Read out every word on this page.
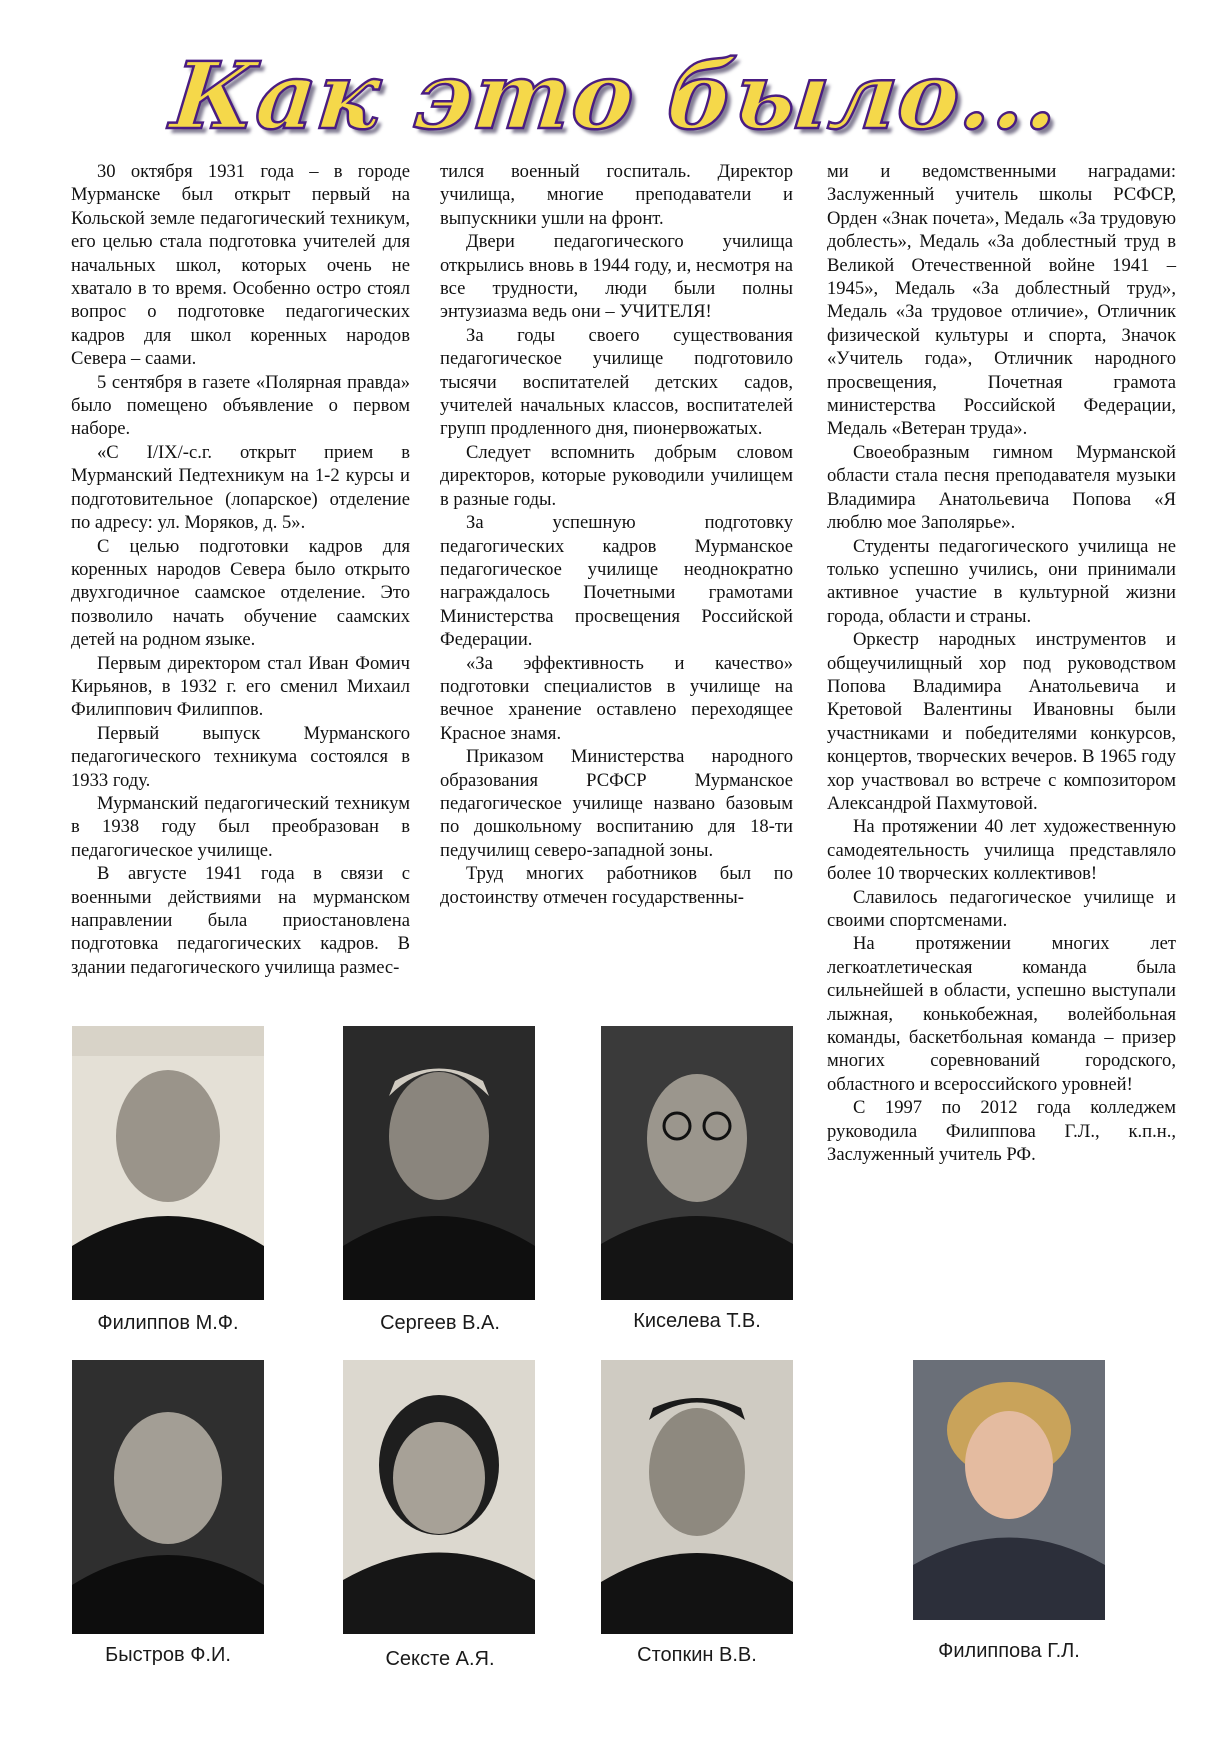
Как это было...

30 октября 1931 года – в городе Мурманске был открыт первый на Кольской земле педагогический техникум, его целью стала подготовка учителей для начальных школ, которых очень не хватало в то время. Особенно остро стоял вопрос о подготовке педагогических кадров для школ коренных народов Севера – саами.

5 сентября в газете «Полярная правда» было помещено объявление о первом наборе.

«С I/IX/-с.г. открыт прием в Мурманский Педтехникум на 1-2 курсы и подготовительное (лопарское) отделение по адресу: ул. Моряков, д. 5».

С целью подготовки кадров для коренных народов Севера было открыто двухгодичное саамское отделение. Это позволило начать обучение саамских детей на родном языке.

Первым директором стал Иван Фомич Кирьянов, в 1932 г. его сменил Михаил Филиппович Филиппов.

Первый выпуск Мурманского педагогического техникума состоялся в 1933 году.

Мурманский педагогический техникум в 1938 году был преобразован в педагогическое училище.

В августе 1941 года в связи с военными действиями на мурманском направлении была приостановлена подготовка педагогических кадров. В здании педагогического училища размес-

тился военный госпиталь. Директор училища, многие преподаватели и выпускники ушли на фронт.

Двери педагогического училища открылись вновь в 1944 году, и, несмотря на все трудности, люди были полны энтузиазма ведь они – УЧИТЕЛЯ!

За годы своего существования педагогическое училище подготовило тысячи воспитателей детских садов, учителей начальных классов, воспитателей групп продленного дня, пионервожатых.

Следует вспомнить добрым словом директоров, которые руководили училищем в разные годы.

За успешную подготовку педагогических кадров Мурманское педагогическое училище неоднократно награждалось Почетными грамотами Министерства просвещения Российской Федерации.

«За эффективность и качество» подготовки специалистов в училище на вечное хранение оставлено переходящее Красное знамя.

Приказом Министерства народного образования РСФСР Мурманское педагогическое училище названо базовым по дошкольному воспитанию для 18-ти педучилищ северо-западной зоны.

Труд многих работников был по достоинству отмечен государственны-

ми и ведомственными наградами: Заслуженный учитель школы РСФСР, Орден «Знак почета», Медаль «За трудовую доблесть», Медаль «За доблестный труд в Великой Отечественной войне 1941 – 1945», Медаль «За доблестный труд», Медаль «За трудовое отличие», Отличник физической культуры и спорта, Значок «Учитель года», Отличник народного просвещения, Почетная грамота министерства Российской Федерации, Медаль «Ветеран труда».

Своеобразным гимном Мурманской области стала песня преподавателя музыки Владимира Анатольевича Попова «Я люблю мое Заполярье».

Студенты педагогического училища не только успешно учились, они принимали активное участие в культурной жизни города, области и страны.

Оркестр народных инструментов и общеучилищный хор под руководством Попова Владимира Анатольевича и Кретовой Валентины Ивановны были участниками и победителями конкурсов, концертов, творческих вечеров. В 1965 году хор участвовал во встрече с композитором Александрой Пахмутовой.

На протяжении 40 лет художественную самодеятельность училища представляло более 10 творческих коллективов!

Славилось педагогическое училище и своими спортсменами.

На протяжении многих лет легкоатлетическая команда была сильнейшей в области, успешно выступали лыжная, конькобежная, волейбольная команды, баскетбольная команда – призер многих соревнований городского, областного и всероссийского уровней!

С 1997 по 2012 года колледжем руководила Филиппова Г.Л., к.п.н., Заслуженный учитель РФ.

Филиппов М.Ф.	Сергеев В.А.	Киселева Т.В.
Быстров Ф.И.	Сексте А.Я.	Стопкин В.В.	Филиппова Г.Л.
